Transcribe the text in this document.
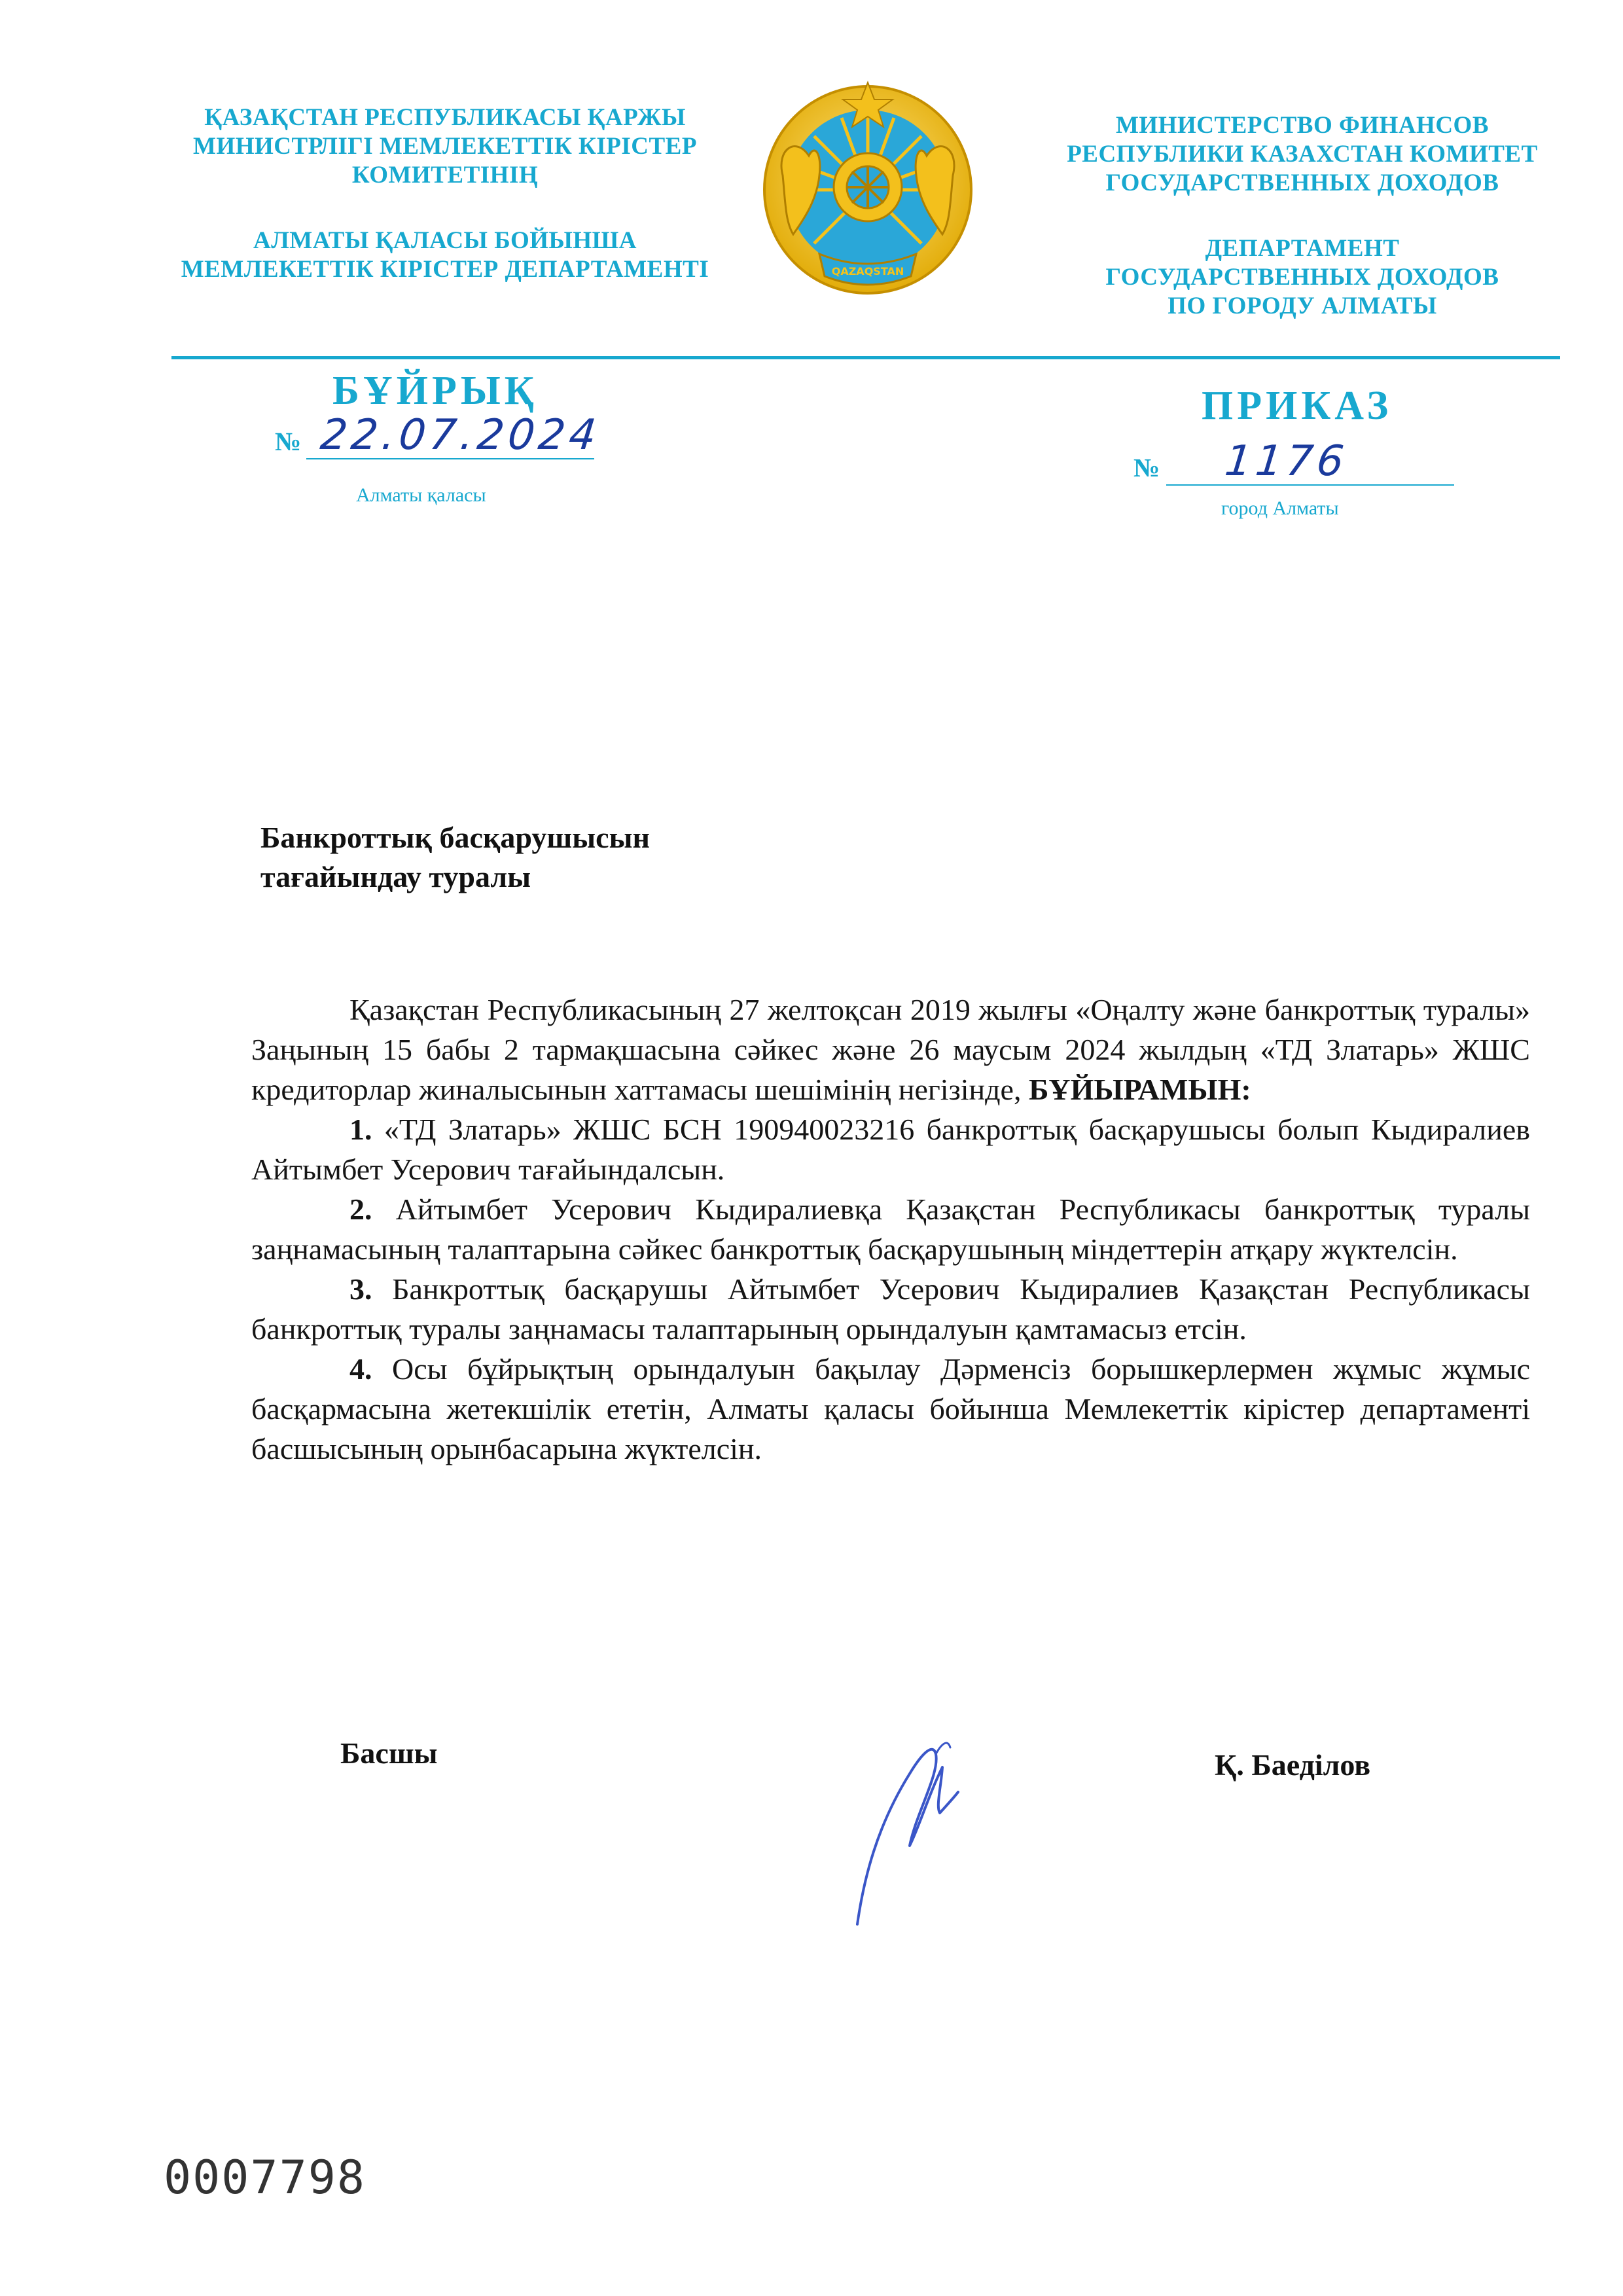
ҚАЗАҚСТАН РЕСПУБЛИКАСЫ ҚАРЖЫ
МИНИСТРЛІГІ МЕМЛЕКЕТТІК КІРІСТЕР
КОМИТЕТІНІҢ
АЛМАТЫ ҚАЛАСЫ БОЙЫНША
МЕМЛЕКЕТТІК КІРІСТЕР ДЕПАРТАМЕНТІ	QAZAQSTAN
МИНИСТЕРСТВО ФИНАНСОВ
РЕСПУБЛИКИ КАЗАХСТАН КОМИТЕТ
ГОСУДАРСТВЕННЫХ ДОХОДОВ
ДЕПАРТАМЕНТ
ГОСУДАРСТВЕННЫХ ДОХОДОВ
ПО ГОРОДУ АЛМАТЫ
БҰЙРЫҚ	ПРИКАЗ
№ 22.07.2024
Алматы қаласы
№ 1176
город Алматы
Банкроттық басқарушысын
тағайындау туралы

Қазақстан Республикасының 27 желтоқсан 2019 жылғы «Оңалту және банкроттық туралы» Заңының 15 бабы 2 тармақшасына сәйкес және 26 маусым 2024 жылдың «ТД Златарь» ЖШС кредиторлар жиналысынын хаттамасы шешімінің негізінде, БҰЙЫРАМЫН:

1. «ТД Златарь» ЖШС БСН 190940023216 банкроттық басқарушысы болып Кыдиралиев Айтымбет Усерович тағайындалсын.

2. Айтымбет Усерович Кыдиралиевқа Қазақстан Республикасы банкроттық туралы заңнамасының талаптарына сәйкес банкроттық басқарушының міндеттерін атқару жүктелсін.

3. Банкроттық басқарушы Айтымбет Усерович Кыдиралиев Қазақстан Республикасы банкроттық туралы заңнамасы талаптарының орындалуын қамтамасыз етсін.

4. Осы бұйрықтың орындалуын бақылау Дәрменсіз борышкерлермен жұмыс жұмыс басқармасына жетекшілік ететін, Алматы қаласы бойынша Мемлекеттік кірістер департаменті басшысының орынбасарына жүктелсін.

Басшы	Қ. Баеділов
0007798
